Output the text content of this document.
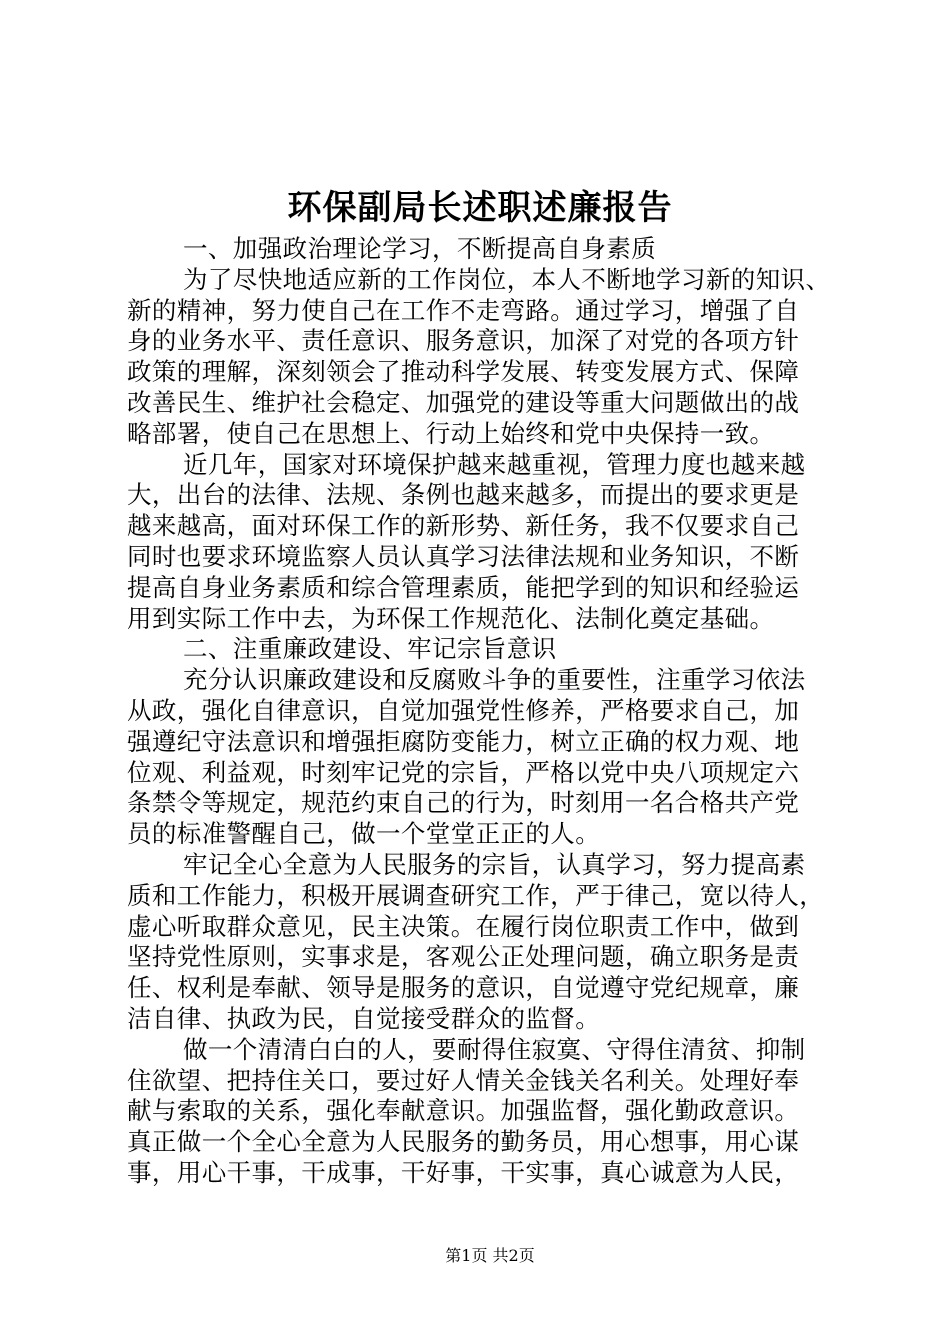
环保副局长述职述廉报告
一、加强政治理论学习，不断提高自身素质
为了尽快地适应新的工作岗位，本人不断地学习新的知识、
新的精神，努力使自己在工作不走弯路。通过学习，增强了自
身的业务水平、责任意识、服务意识，加深了对党的各项方针
政策的理解，深刻领会了推动科学发展、转变发展方式、保障
改善民生、维护社会稳定、加强党的建设等重大问题做出的战
略部署，使自己在思想上、行动上始终和党中央保持一致。
近几年，国家对环境保护越来越重视，管理力度也越来越
大，出台的法律、法规、条例也越来越多，而提出的要求更是
越来越高，面对环保工作的新形势、新任务，我不仅要求自己
同时也要求环境监察人员认真学习法律法规和业务知识，不断
提高自身业务素质和综合管理素质，能把学到的知识和经验运
用到实际工作中去，为环保工作规范化、法制化奠定基础。
二、注重廉政建设、牢记宗旨意识
充分认识廉政建设和反腐败斗争的重要性，注重学习依法
从政，强化自律意识，自觉加强党性修养，严格要求自己，加
强遵纪守法意识和增强拒腐防变能力，树立正确的权力观、地
位观、利益观，时刻牢记党的宗旨，严格以党中央八项规定六
条禁令等规定，规范约束自己的行为，时刻用一名合格共产党
员的标准警醒自己，做一个堂堂正正的人。
牢记全心全意为人民服务的宗旨，认真学习，努力提高素
质和工作能力，积极开展调查研究工作，严于律己，宽以待人，
虚心听取群众意见，民主决策。在履行岗位职责工作中，做到
坚持党性原则，实事求是，客观公正处理问题，确立职务是责
任、权利是奉献、领导是服务的意识，自觉遵守党纪规章，廉
洁自律、执政为民，自觉接受群众的监督。
做一个清清白白的人，要耐得住寂寞、守得住清贫、抑制
住欲望、把持住关口，要过好人情关金钱关名利关。处理好奉
献与索取的关系，强化奉献意识。加强监督，强化勤政意识。
真正做一个全心全意为人民服务的勤务员，用心想事，用心谋
事，用心干事，干成事，干好事，干实事，真心诚意为人民，
第1页 共2页
